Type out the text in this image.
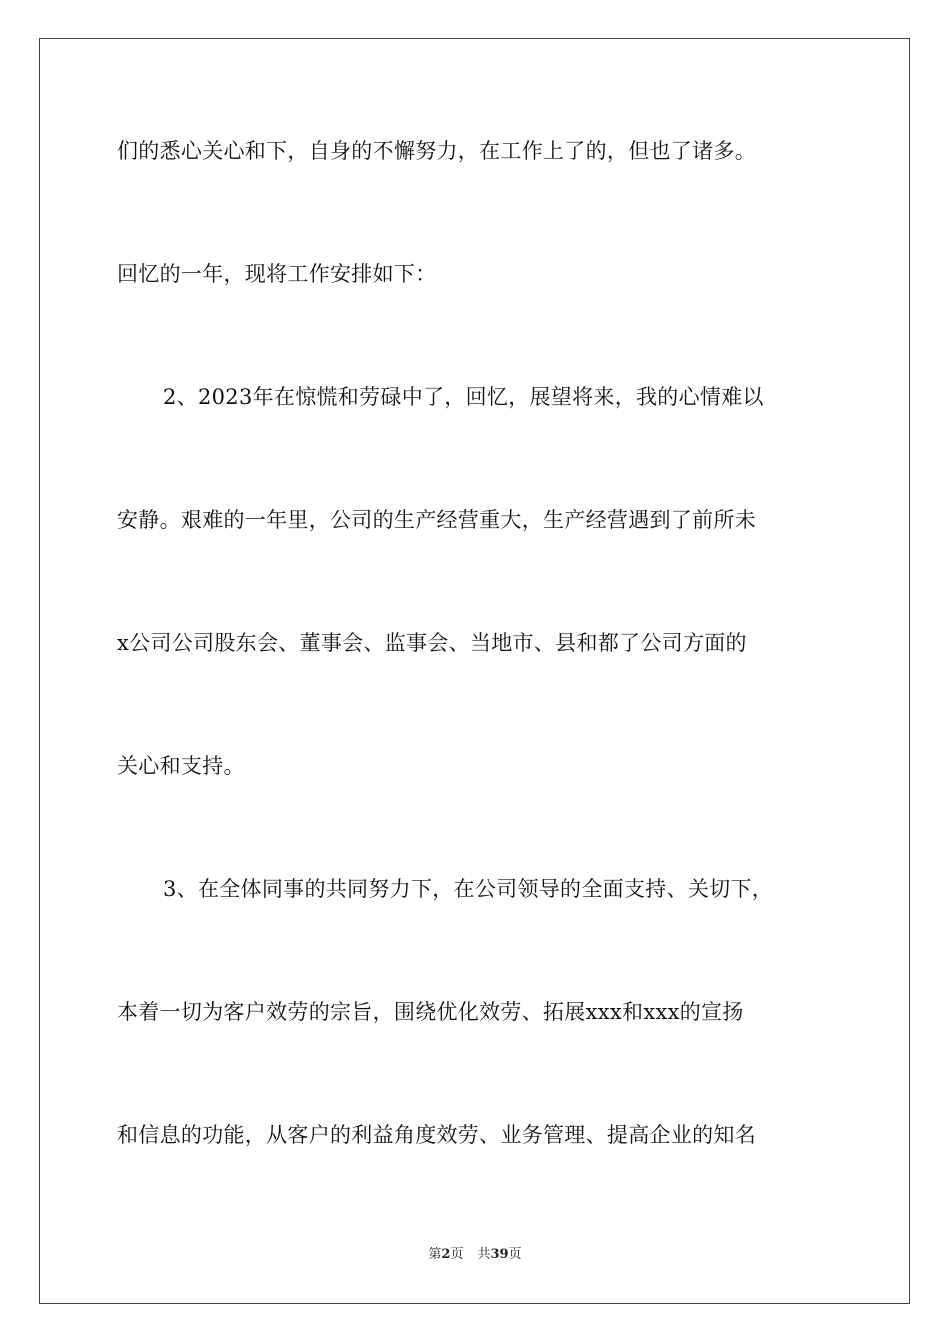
们的悉心关心和下，自身的不懈努力，在工作上了的，但也了诸多。
回忆的一年，现将工作安排如下：
2、2023年在惊慌和劳碌中了，回忆，展望将来，我的心情难以
安静。艰难的一年里，公司的生产经营重大，生产经营遇到了前所未
x公司公司股东会、董事会、监事会、当地市、县和都了公司方面的
关心和支持。
3、在全体同事的共同努力下，在公司领导的全面支持、关切下，
本着一切为客户效劳的宗旨，围绕优化效劳、拓展xxx和xxx的宣扬
和信息的功能，从客户的利益角度效劳、业务管理、提高企业的知名
第2页 共39页
